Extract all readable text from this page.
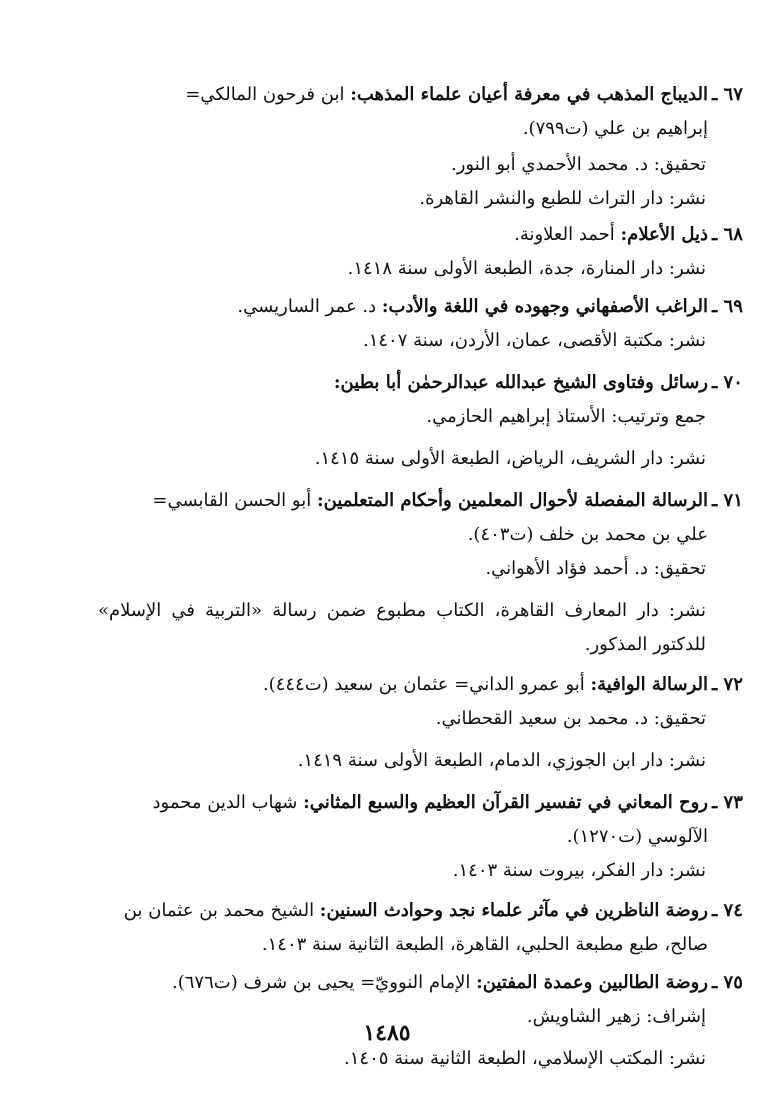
٦٧ ـ
الديباج المذهب في معرفة أعيان علماء المذهب: ابن فرحون المالكي=
إبراهيم بن علي (ت٧٩٩).
تحقيق: د. محمد الأحمدي أبو النور.
نشر: دار التراث للطبع والنشر القاهرة.
٦٨ ـ
ذيل الأعلام: أحمد العلاونة.
نشر: دار المنارة، جدة، الطبعة الأولى سنة ١٤١٨.
٦٩ ـ
الراغب الأصفهاني وجهوده في اللغة والأدب: د. عمر الساريسي.
نشر: مكتبة الأقصى، عمان، الأردن، سنة ١٤٠٧.
٧٠ ـ
رسائل وفتاوى الشيخ عبدالله عبدالرحمٰن أبا بطين:
جمع وترتيب: الأستاذ إبراهيم الحازمي.
نشر: دار الشريف، الرياض، الطبعة الأولى سنة ١٤١٥.
٧١ ـ
الرسالة المفصلة لأحوال المعلمين وأحكام المتعلمين: أبو الحسن القابسي=
علي بن محمد بن خلف (ت٤٠٣).
تحقيق: د. أحمد فؤاد الأهواني.
نشر: دار المعارف القاهرة، الكتاب مطبوع ضمن رسالة «التربية في الإسلام» للدكتور المذكور.
٧٢ ـ
الرسالة الوافية: أبو عمرو الداني= عثمان بن سعيد (ت٤٤٤).
تحقيق: د. محمد بن سعيد القحطاني.
نشر: دار ابن الجوزي، الدمام، الطبعة الأولى سنة ١٤١٩.
٧٣ ـ
روح المعاني في تفسير القرآن العظيم والسبع المثاني: شهاب الدين محمود
الآلوسي (ت١٢٧٠).
نشر: دار الفكر، بيروت سنة ١٤٠٣.
٧٤ ـ
روضة الناظرين في مآثر علماء نجد وحوادث السنين: الشيخ محمد بن عثمان بن
صالح، طبع مطبعة الحلبي، القاهرة، الطبعة الثانية سنة ١٤٠٣.
٧٥ ـ
روضة الطالبين وعمدة المفتين: الإمام النوويّ= يحيى بن شرف (ت٦٧٦).
إشراف: زهير الشاويش.
نشر: المكتب الإسلامي، الطبعة الثانية سنة ١٤٠٥.
١٤٨٥
